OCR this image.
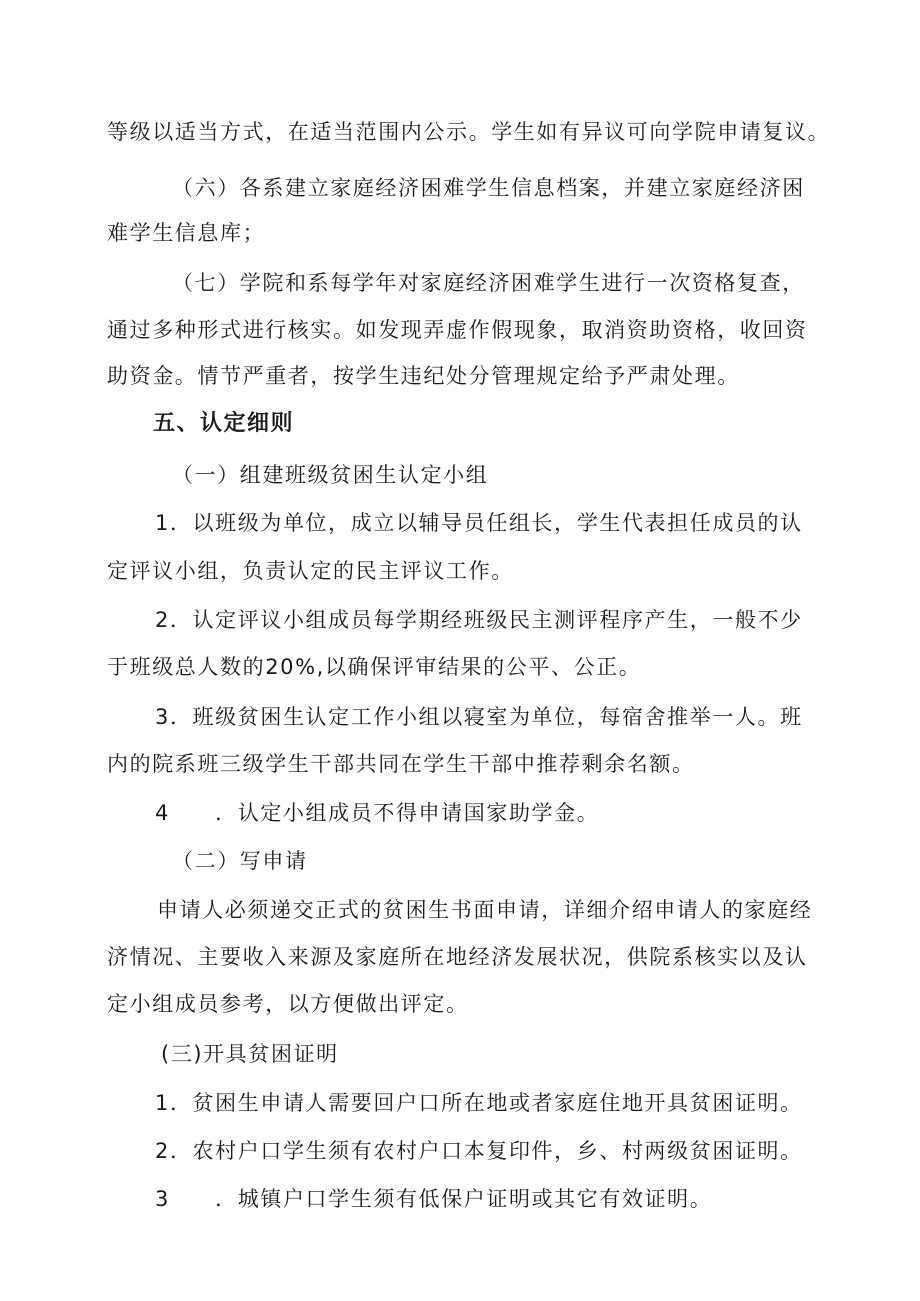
等级以适当方式，在适当范围内公示。学生如有异议可向学院申请复议。
（六）各系建立家庭经济困难学生信息档案，并建立家庭经济困
难学生信息库；
（七）学院和系每学年对家庭经济困难学生进行一次资格复查，
通过多种形式进行核实。如发现弄虚作假现象，取消资助资格，收回资
助资金。情节严重者，按学生违纪处分管理规定给予严肃处理。
五、认定细则
（一）组建班级贫困生认定小组
1．以班级为单位，成立以辅导员任组长，学生代表担任成员的认
定评议小组，负责认定的民主评议工作。
2．认定评议小组成员每学期经班级民主测评程序产生，一般不少
于班级总人数的20%,以确保评审结果的公平、公正。
3．班级贫困生认定工作小组以寝室为单位，每宿舍推举一人。班
内的院系班三级学生干部共同在学生干部中推荐剩余名额。
4　　．认定小组成员不得申请国家助学金。
（二）写申请
申请人必须递交正式的贫困生书面申请，详细介绍申请人的家庭经
济情况、主要收入来源及家庭所在地经济发展状况，供院系核实以及认
定小组成员参考，以方便做出评定。
(三)开具贫困证明
1．贫困生申请人需要回户口所在地或者家庭住地开具贫困证明。
2．农村户口学生须有农村户口本复印件，乡、村两级贫困证明。
3　　．城镇户口学生须有低保户证明或其它有效证明。
